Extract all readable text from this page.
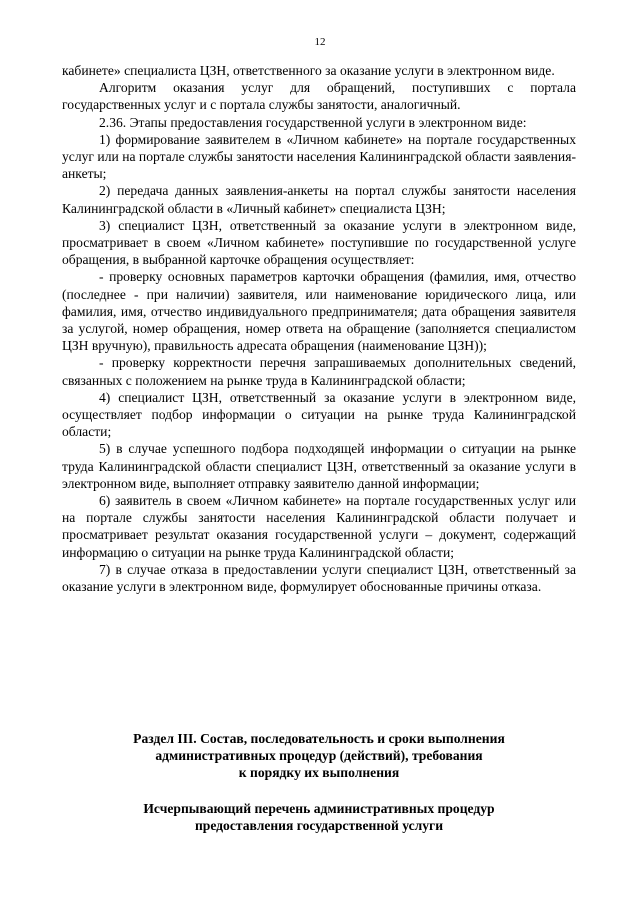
12

кабинете» специалиста ЦЗН, ответственного за оказание услуги в электронном виде.

Алгоритм оказания услуг для обращений, поступивших с портала государственных услуг и с портала службы занятости, аналогичный.

2.36. Этапы предоставления государственной услуги в электронном виде:

1) формирование заявителем в «Личном кабинете» на портале государственных услуг или на портале службы занятости населения Калининградской области заявления-анкеты;

2) передача данных заявления-анкеты на портал службы занятости населения Калининградской области в «Личный кабинет» специалиста ЦЗН;

3) специалист ЦЗН, ответственный за оказание услуги в электронном виде, просматривает в своем «Личном кабинете» поступившие по государственной услуге обращения, в выбранной карточке обращения осуществляет:

- проверку основных параметров карточки обращения (фамилия, имя, отчество (последнее - при наличии) заявителя, или наименование юридического лица, или фамилия, имя, отчество индивидуального предпринимателя; дата обращения заявителя за услугой, номер обращения, номер ответа на обращение (заполняется специалистом ЦЗН вручную), правильность адресата обращения (наименование ЦЗН));

- проверку корректности перечня запрашиваемых дополнительных сведений, связанных с положением на рынке труда в Калининградской области;

4) специалист ЦЗН, ответственный за оказание услуги в электронном виде, осуществляет подбор информации о ситуации на рынке труда Калининградской области;

5) в случае успешного подбора подходящей информации о ситуации на рынке труда Калининградской области специалист ЦЗН, ответственный за оказание услуги в электронном виде, выполняет отправку заявителю данной информации;

6) заявитель в своем «Личном кабинете» на портале государственных услуг или на портале службы занятости населения Калининградской области получает и просматривает результат оказания государственной услуги – документ, содержащий информацию о ситуации на рынке труда Калининградской области;

7) в случае отказа в предоставлении услуги специалист ЦЗН, ответственный за оказание услуги в электронном виде, формулирует обоснованные причины отказа.

Раздел III. Состав, последовательность и сроки выполнения
административных процедур (действий), требования
к порядку их выполнения
Исчерпывающий перечень административных процедур
предоставления государственной услуги
